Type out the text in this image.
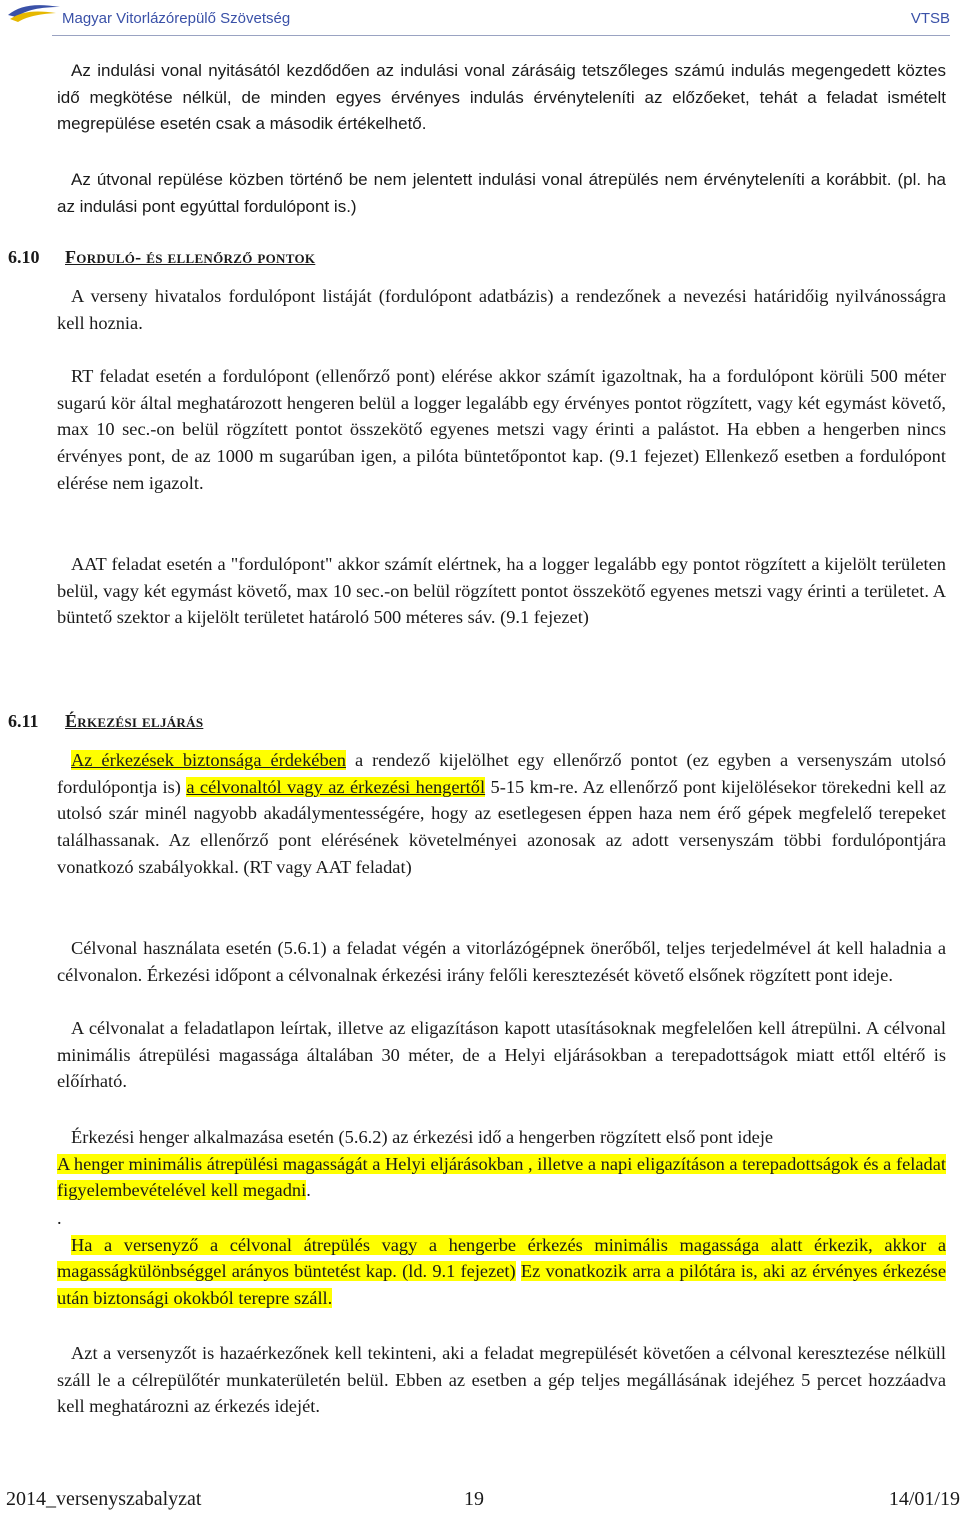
Magyar Vitorlázórepülő Szövetség	VTSB
Az indulási vonal nyitásától kezdődően az indulási vonal zárásáig tetszőleges számú indulás megengedett köztes idő megkötése nélkül, de minden egyes érvényes indulás érvényteleníti az előzőeket, tehát a feladat ismételt megrepülése esetén csak a második értékelhető.
Az útvonal repülése közben történő be nem jelentett indulási vonal átrepülés nem érvényteleníti a korábbit. (pl. ha az indulási pont egyúttal fordulópont is.)
6.10 Forduló- és ellenőrző pontok
A verseny hivatalos fordulópont listáját (fordulópont adatbázis) a rendezőnek a nevezési határidőig nyilvánosságra kell hoznia.
RT feladat esetén a fordulópont (ellenőrző pont) elérése akkor számít igazoltnak, ha a fordulópont körüli 500 méter sugarú kör által meghatározott hengeren belül a logger legalább egy érvényes pontot rögzített, vagy két egymást követő, max 10 sec.-on belül rögzített pontot összekötő egyenes metszi vagy érinti a palástot. Ha ebben a hengerben nincs érvényes pont, de az 1000 m sugarúban igen, a pilóta büntetőpontot kap. (9.1 fejezet) Ellenkező esetben a fordulópont elérése nem igazolt.
AAT feladat esetén a "fordulópont" akkor számít elértnek, ha a logger legalább egy pontot rögzített a kijelölt területen belül, vagy két egymást követő, max 10 sec.-on belül rögzített pontot összekötő egyenes metszi vagy érinti a területet. A büntető szektor a kijelölt területet határoló 500 méteres sáv. (9.1 fejezet)
6.11 Érkezési eljárás
Az érkezések biztonsága érdekében a rendező kijelölhet egy ellenőrző pontot (ez egyben a versenyszám utolsó fordulópontja is) a célvonaltól vagy az érkezési hengertől 5-15 km-re. Az ellenőrző pont kijelölésekor törekedni kell az utolsó szár minél nagyobb akadálymentességére, hogy az esetlegesen éppen haza nem érő gépek megfelelő terepeket találhassanak. Az ellenőrző pont elérésének követelményei azonosak az adott versenyszám többi fordulópontjára vonatkozó szabályokkal. (RT vagy AAT feladat)
Célvonal használata esetén (5.6.1) a feladat végén a vitorlázógépnek önerőből, teljes terjedelmével át kell haladnia a célvonalon. Érkezési időpont a célvonalnak érkezési irány felőli keresztezését követő elsőnek rögzített pont ideje.
A célvonalat a feladatlapon leírtak, illetve az eligazításon kapott utasításoknak megfelelően kell átrepülni. A célvonal minimális átrepülési magassága általában 30 méter, de a Helyi eljárásokban a terepadottságok miatt ettől eltérő is előírható.
Érkezési henger alkalmazása esetén (5.6.2) az érkezési idő a hengerben rögzített első pont ideje
A henger minimális átrepülési magasságát a Helyi eljárásokban , illetve a napi eligazításon a terepadottságok és a feladat figyelembevételével kell megadni.
.
Ha a versenyző a célvonal átrepülés vagy a hengerbe érkezés minimális magassága alatt érkezik, akkor a magasságkülönbséggel arányos büntetést kap. (ld. 9.1 fejezet) Ez vonatkozik arra a pilótára is, aki az érvényes érkezése után biztonsági okokból terepre száll.
Azt a versenyzőt is hazaérkezőnek kell tekinteni, aki a feladat megrepülését követően a célvonal keresztezése nélküll száll le a célrepülőtér munkaterületén belül. Ebben az esetben a gép teljes megállásának idejéhez 5 percet hozzáadva kell meghatározni az érkezés idejét.
2014_versenyszabalyzat	19	14/01/19
